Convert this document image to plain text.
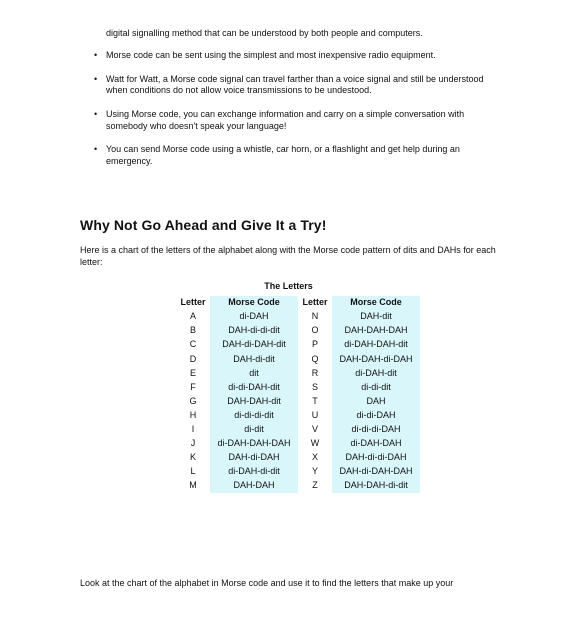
digital signalling method that can be understood by both people and computers.

• Morse code can be sent using the simplest and most inexpensive radio equipment.
• Watt for Watt, a Morse code signal can travel farther than a voice signal and still be understood when conditions do not allow voice transmissions to be undestood.
• Using Morse code, you can exchange information and carry on a simple conversation with somebody who doesn't speak your language!
• You can send Morse code using a whistle, car horn, or a flashlight and get help during an emergency.
Why Not Go Ahead and Give It a Try!

Here is a chart of the letters of the alphabet along with the Morse code pattern of dits and DAHs for each letter:

The Letters
Letter	Morse Code	Letter	Morse Code
A	di-DAH	N	DAH-dit
B	DAH-di-di-dit	O	DAH-DAH-DAH
C	DAH-di-DAH-dit	P	di-DAH-DAH-dit
D	DAH-di-dit	Q	DAH-DAH-di-DAH
E	dit	R	di-DAH-dit
F	di-di-DAH-dit	S	di-di-dit
G	DAH-DAH-dit	T	DAH
H	di-di-di-dit	U	di-di-DAH
I	di-dit	V	di-di-di-DAH
J	di-DAH-DAH-DAH	W	di-DAH-DAH
K	DAH-di-DAH	X	DAH-di-di-DAH
L	di-DAH-di-dit	Y	DAH-di-DAH-DAH
M	DAH-DAH	Z	DAH-DAH-di-dit

Look at the chart of the alphabet in Morse code and use it to find the letters that make up your
